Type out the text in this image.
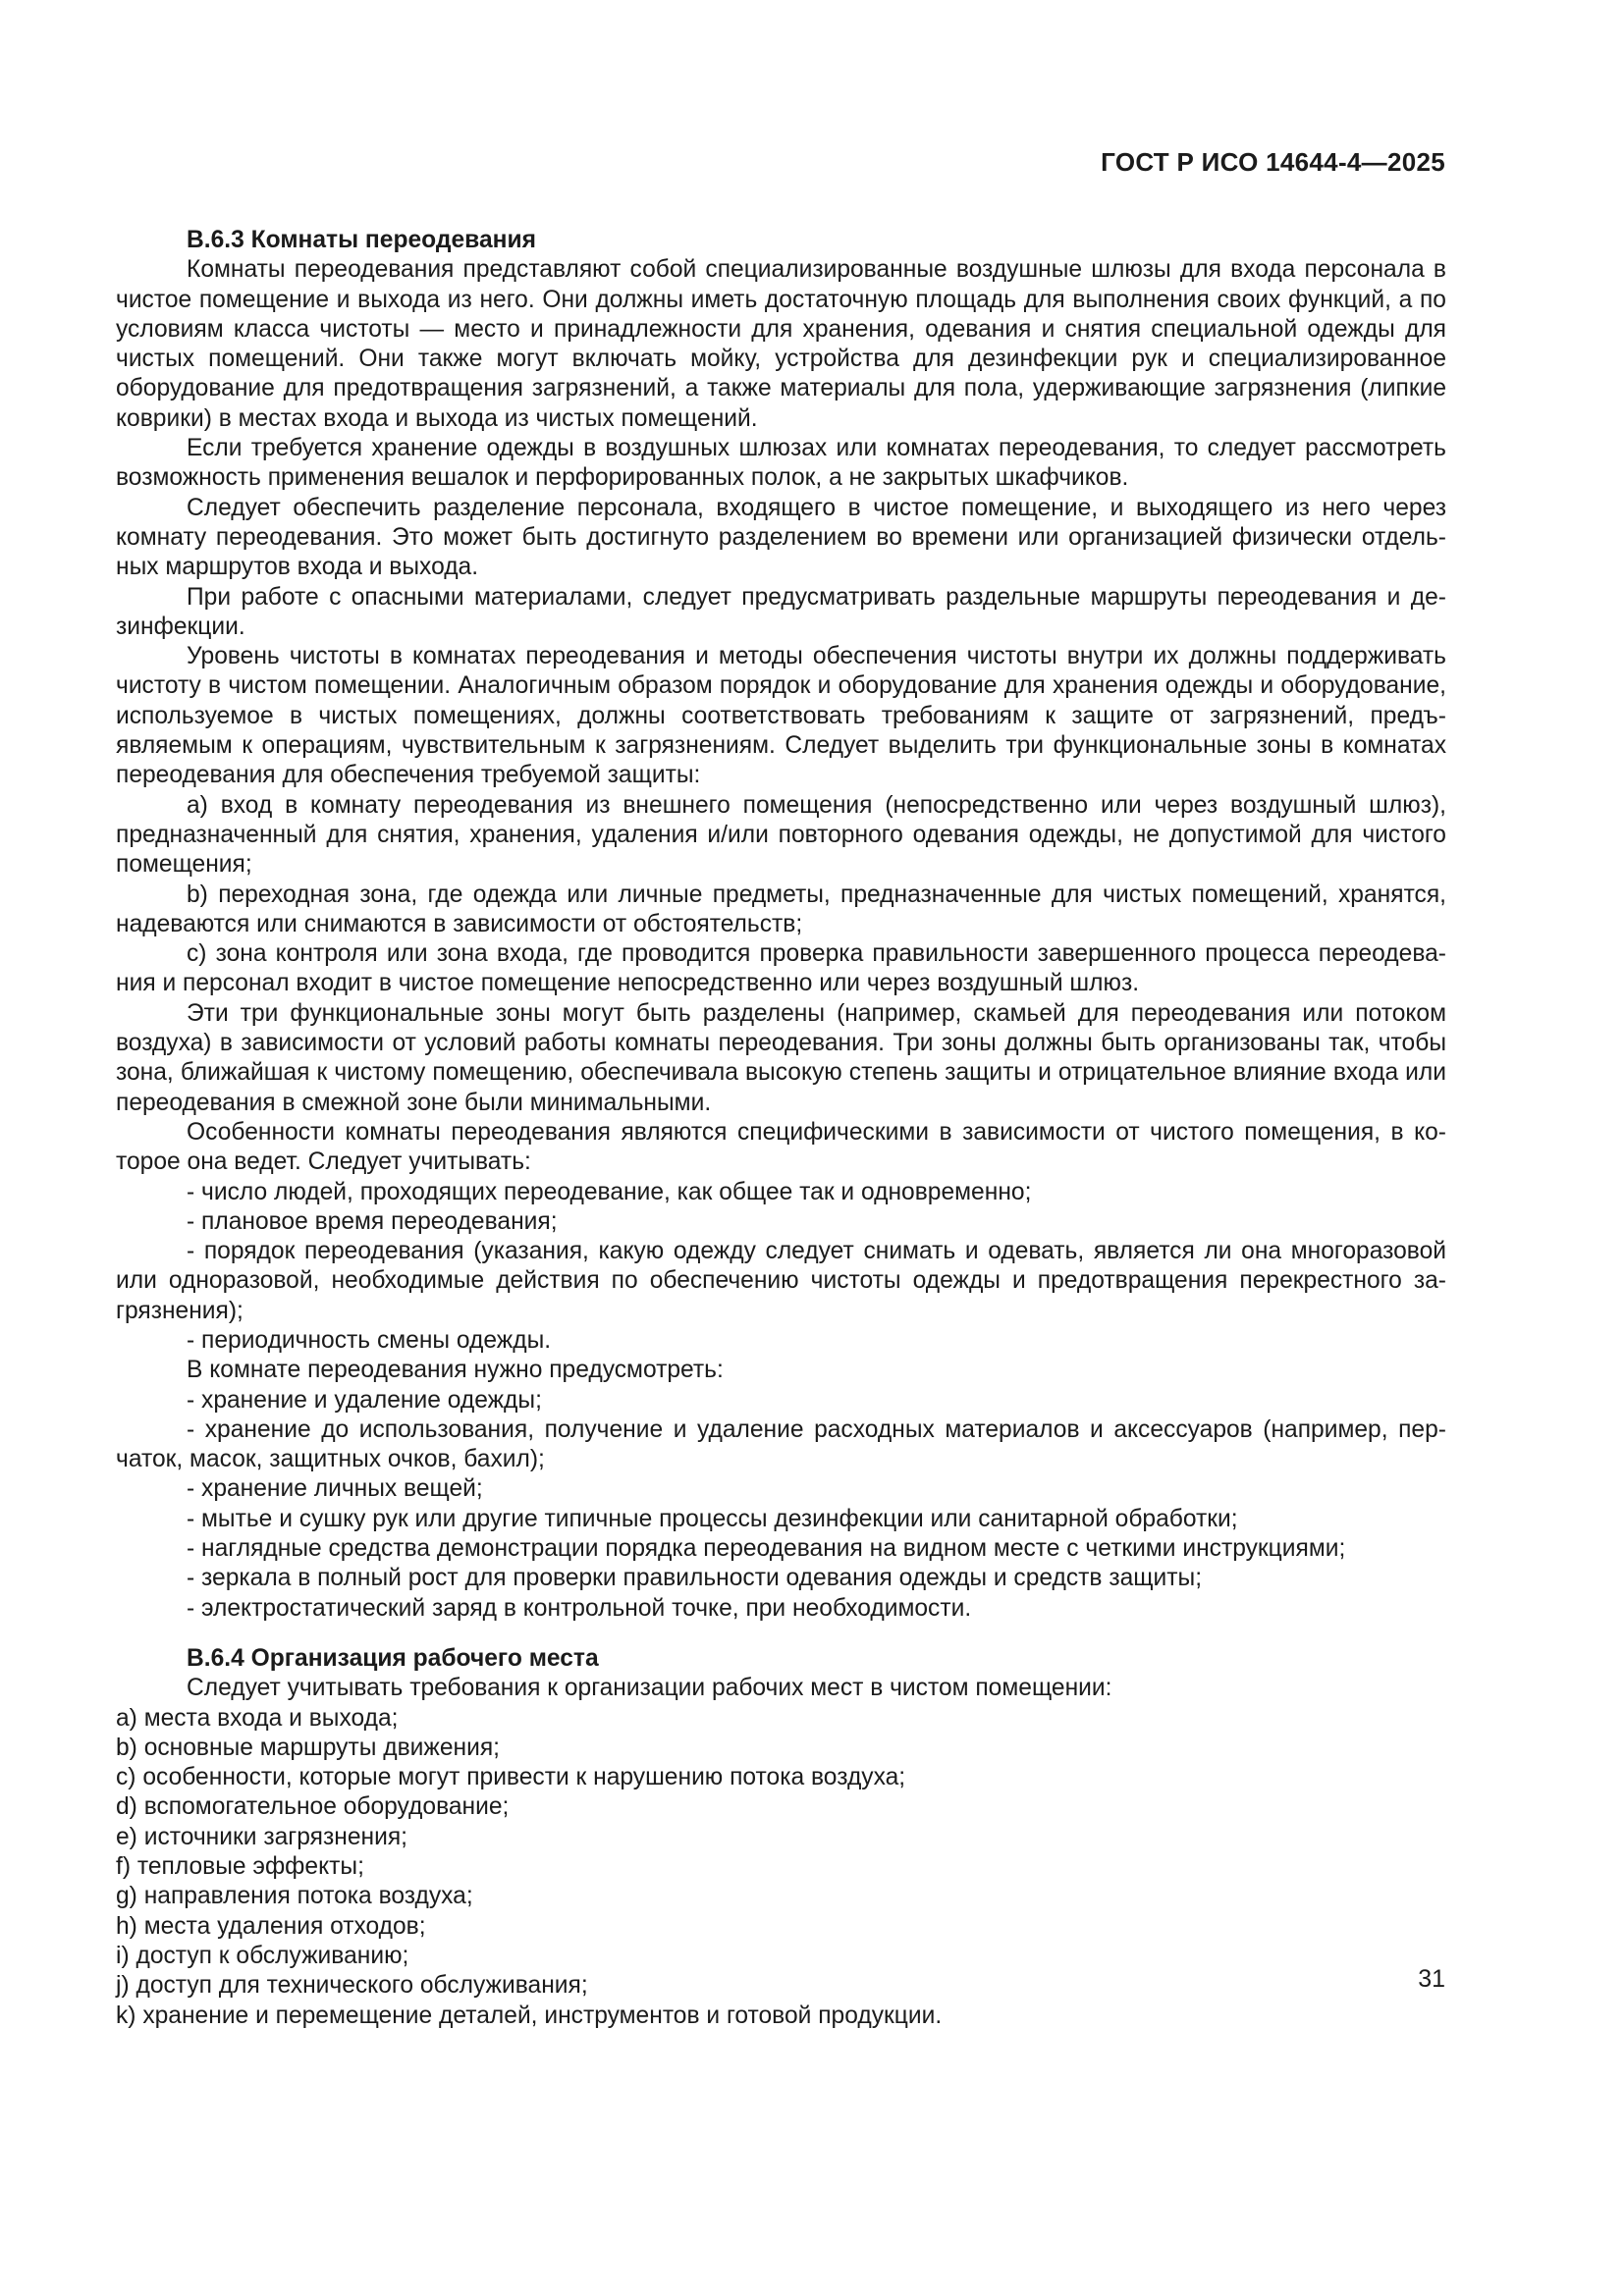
ГОСТ Р ИСО 14644-4—2025

B.6.3 Комнаты переодевания

Комнаты переодевания представляют собой специализированные воздушные шлюзы для входа персонала в чистое помещение и выхода из него. Они должны иметь достаточную площадь для выполнения своих функций, а по условиям класса чистоты — место и принадлежности для хранения, одевания и снятия специальной одежды для чистых помещений. Они также могут включать мойку, устройства для дезинфекции рук и специализированное оборудование для предотвращения загрязнений, а также материалы для пола, удерживающие загрязнения (липкие коврики) в местах входа и выхода из чистых помещений.

Если требуется хранение одежды в воздушных шлюзах или комнатах переодевания, то следует рассмотреть возможность применения вешалок и перфорированных полок, а не закрытых шкафчиков.

Следует обеспечить разделение персонала, входящего в чистое помещение, и выходящего из него через комнату переодевания. Это может быть достигнуто разделением во времени или организацией физически отдельных маршрутов входа и выхода.

При работе с опасными материалами, следует предусматривать раздельные маршруты переодевания и дезинфекции.

Уровень чистоты в комнатах переодевания и методы обеспечения чистоты внутри их должны поддерживать чистоту в чистом помещении. Аналогичным образом порядок и оборудование для хранения одежды и оборудование, используемое в чистых помещениях, должны соответствовать требованиям к защите от загрязнений, предъявляемым к операциям, чувствительным к загрязнениям. Следует выделить три функциональные зоны в комнатах переодевания для обеспечения требуемой защиты:

a) вход в комнату переодевания из внешнего помещения (непосредственно или через воздушный шлюз), предназначенный для снятия, хранения, удаления и/или повторного одевания одежды, не допустимой для чистого помещения;

b) переходная зона, где одежда или личные предметы, предназначенные для чистых помещений, хранятся, надеваются или снимаются в зависимости от обстоятельств;

c) зона контроля или зона входа, где проводится проверка правильности завершенного процесса переодевания и персонал входит в чистое помещение непосредственно или через воздушный шлюз.

Эти три функциональные зоны могут быть разделены (например, скамьей для переодевания или потоком воздуха) в зависимости от условий работы комнаты переодевания. Три зоны должны быть организованы так, чтобы зона, ближайшая к чистому помещению, обеспечивала высокую степень защиты и отрицательное влияние входа или переодевания в смежной зоне были минимальными.

Особенности комнаты переодевания являются специфическими в зависимости от чистого помещения, в которое она ведет. Следует учитывать:

- число людей, проходящих переодевание, как общее так и одновременно;

- плановое время переодевания;

- порядок переодевания (указания, какую одежду следует снимать и одевать, является ли она многоразовой или одноразовой, необходимые действия по обеспечению чистоты одежды и предотвращения перекрестного загрязнения);

- периодичность смены одежды.

В комнате переодевания нужно предусмотреть:

- хранение и удаление одежды;

- хранение до использования, получение и удаление расходных материалов и аксессуаров (например, перчаток, масок, защитных очков, бахил);

- хранение личных вещей;

- мытье и сушку рук или другие типичные процессы дезинфекции или санитарной обработки;

- наглядные средства демонстрации порядка переодевания на видном месте с четкими инструкциями;

- зеркала в полный рост для проверки правильности одевания одежды и средств защиты;

- электростатический заряд в контрольной точке, при необходимости.

B.6.4 Организация рабочего места

Следует учитывать требования к организации рабочих мест в чистом помещении:

a) места входа и выхода;

b) основные маршруты движения;

c) особенности, которые могут привести к нарушению потока воздуха;

d) вспомогательное оборудование;

e) источники загрязнения;

f) тепловые эффекты;

g) направления потока воздуха;

h) места удаления отходов;

i) доступ к обслуживанию;

j) доступ для технического обслуживания;

k) хранение и перемещение деталей, инструментов и готовой продукции.

31
